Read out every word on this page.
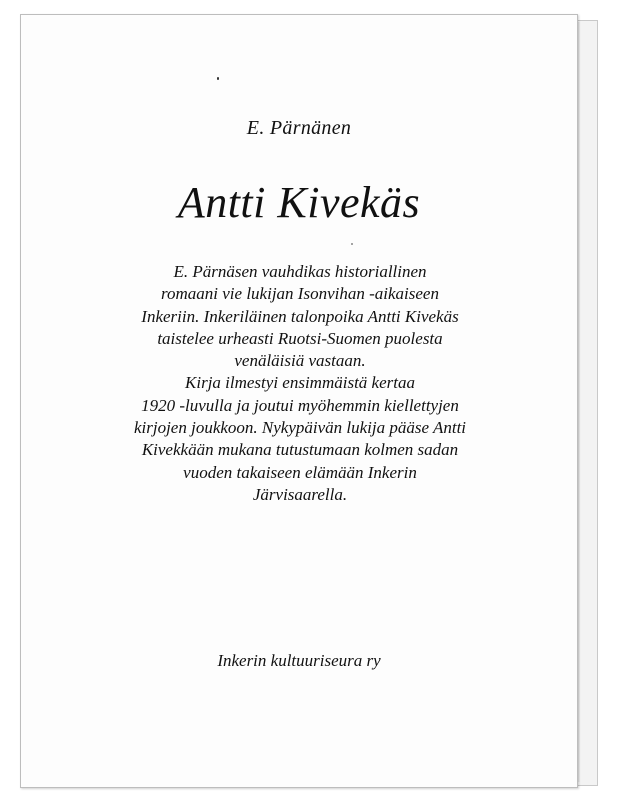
E. Pärnänen
Antti Kivekäs
E. Pärnäsen vauhdikas historiallinen
romaani vie lukijan Isonvihan -aikaiseen
Inkeriin. Inkeriläinen talonpoika Antti Kivekäs
taistelee urheasti Ruotsi-Suomen puolesta
venäläisiä vastaan.
Kirja ilmestyi ensimmäistä kertaa
1920 -luvulla ja joutui myöhemmin kiellettyjen
kirjojen joukkoon. Nykypäivän lukija pääse Antti
Kivekkään mukana tutustumaan kolmen sadan
vuoden takaiseen elämään Inkerin
Järvisaarella.
Inkerin kultuuriseura ry
